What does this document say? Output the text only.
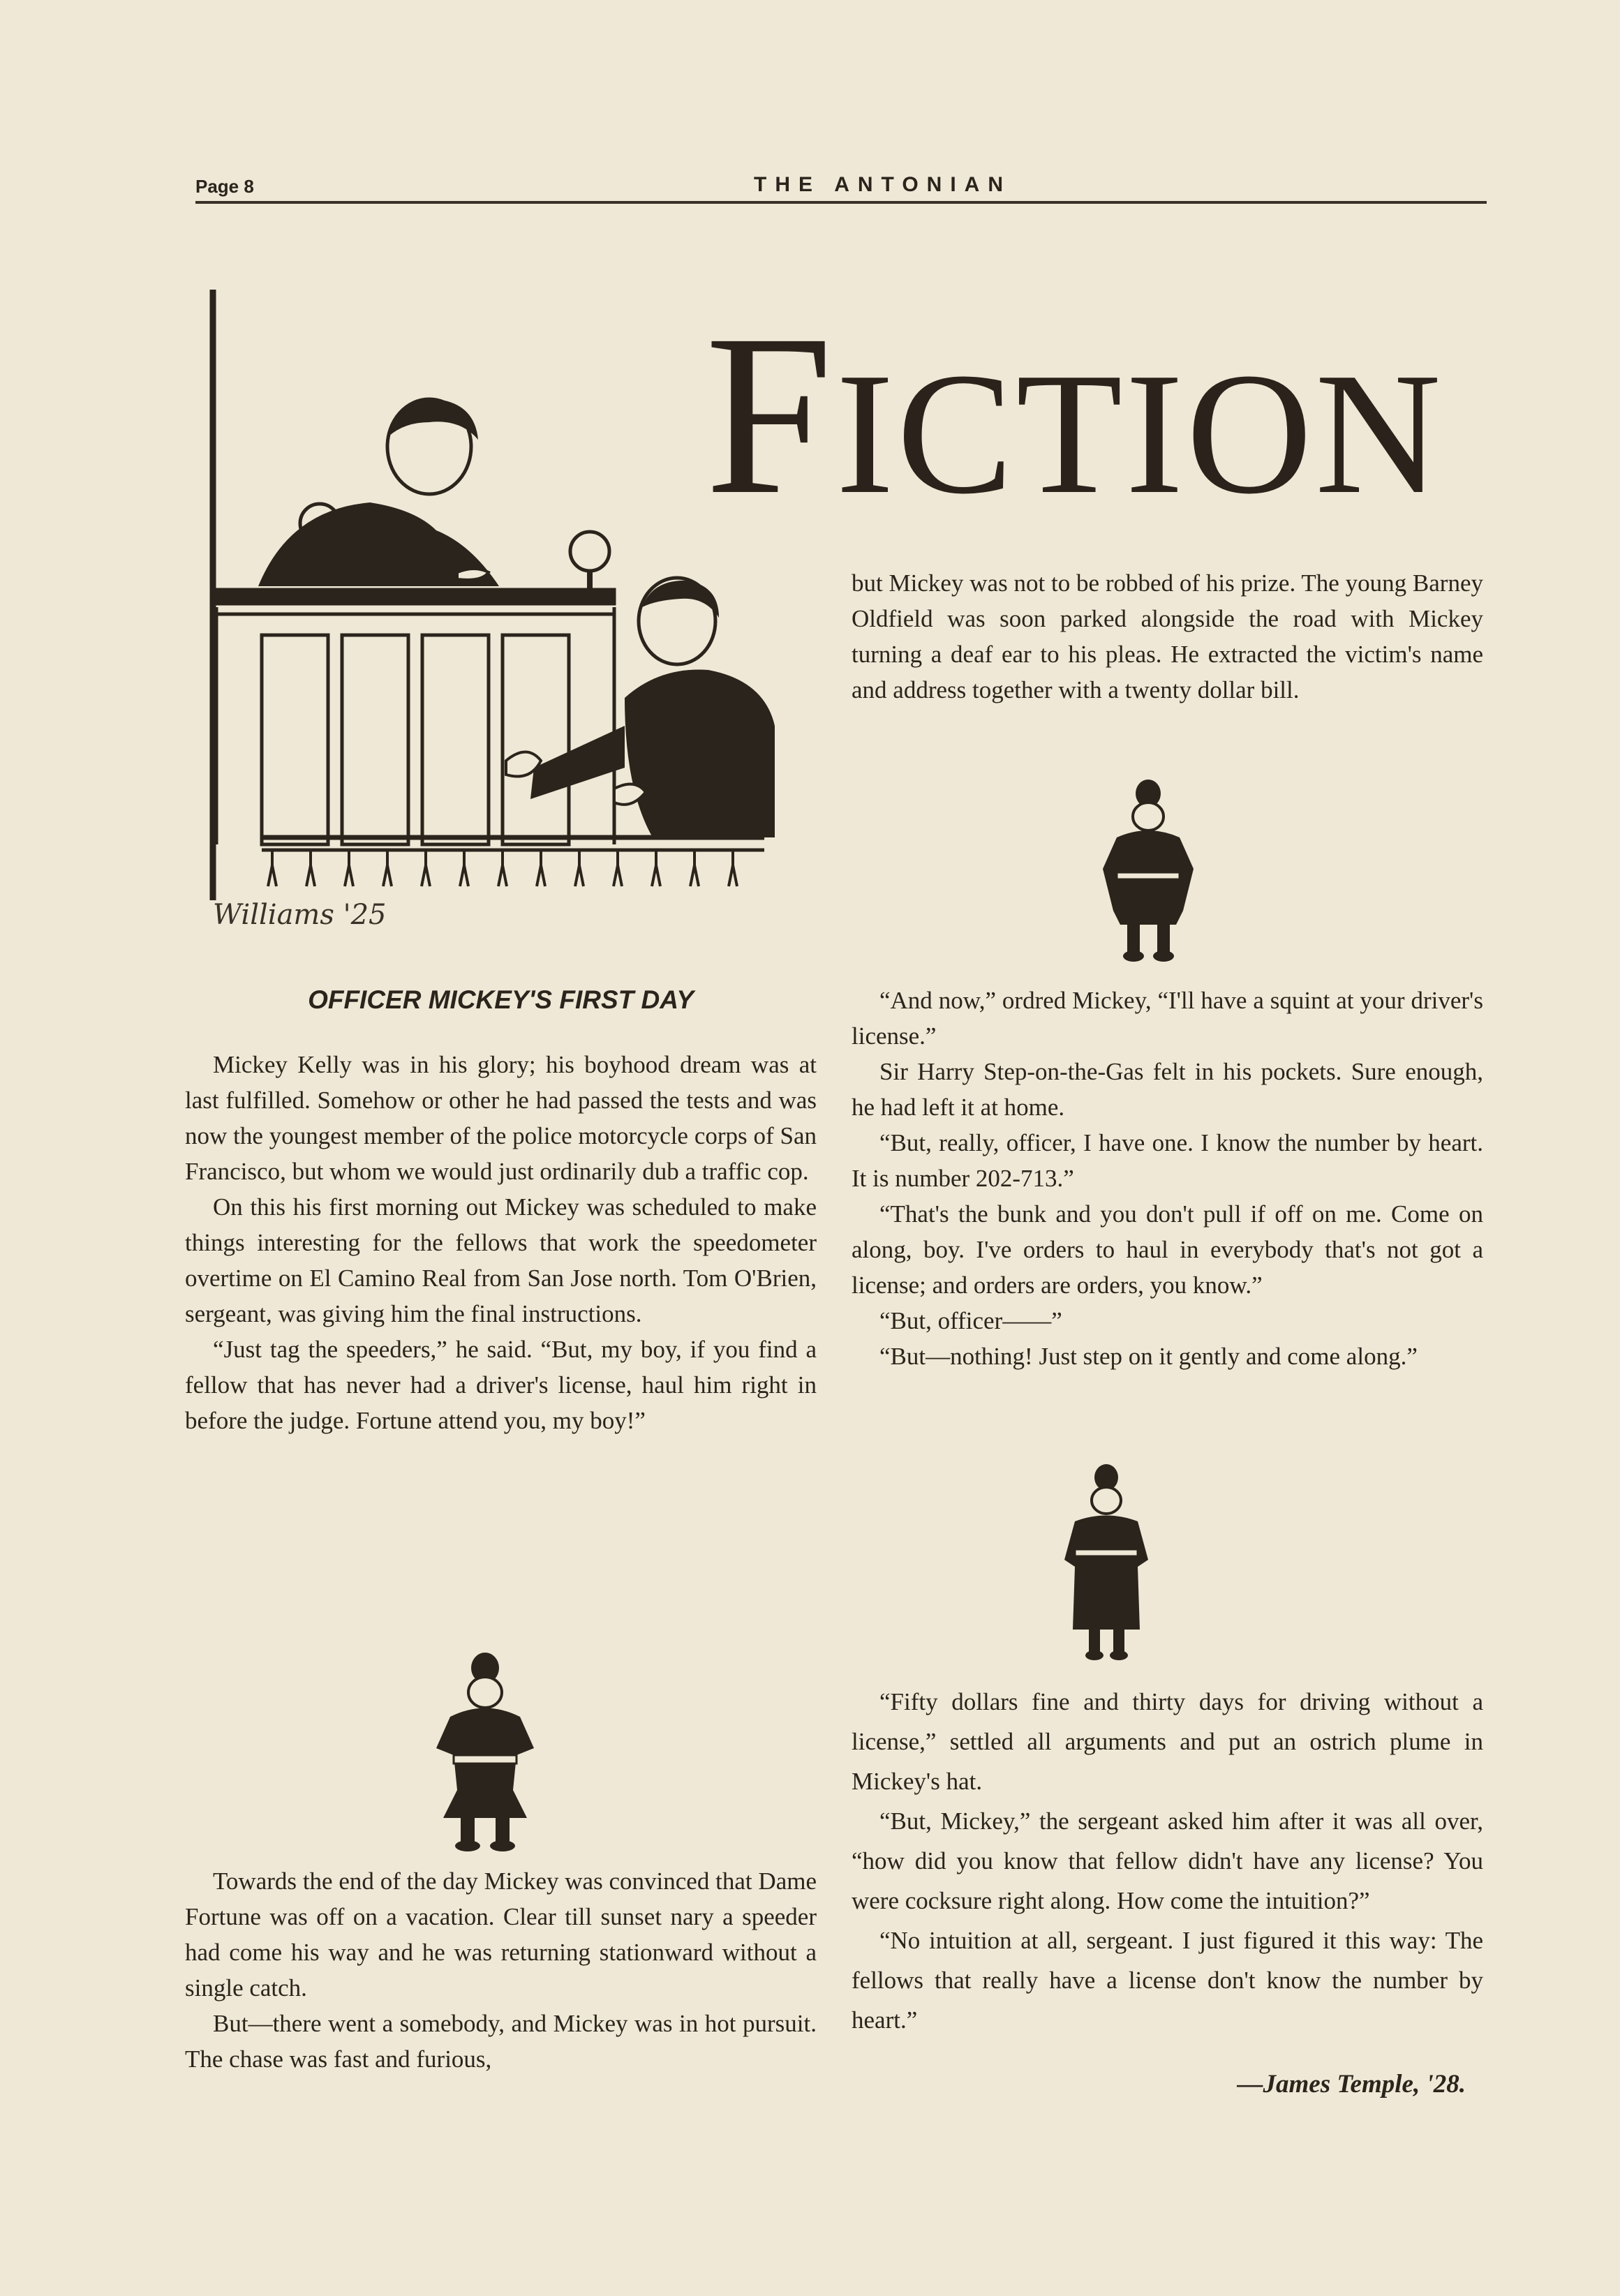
Page 8	THE ANTONIAN
Williams '25
FICTION
OFFICER MICKEY'S FIRST DAY

Mickey Kelly was in his glory; his boyhood dream was at last fulfilled. Somehow or other he had passed the tests and was now the youngest member of the police motorcycle corps of San Francisco, but whom we would just ordinarily dub a traffic cop.

On this his first morning out Mickey was scheduled to make things interesting for the fellows that work the speedometer overtime on El Camino Real from San Jose north. Tom O'Brien, sergeant, was giving him the final instructions.

“Just tag the speeders,” he said. “But, my boy, if you find a fellow that has never had a driver's license, haul him right in before the judge. Fortune attend you, my boy!”

Towards the end of the day Mickey was convinced that Dame Fortune was off on a vacation. Clear till sunset nary a speeder had come his way and he was returning stationward without a single catch.

But—there went a somebody, and Mickey was in hot pursuit. The chase was fast and furious,

but Mickey was not to be robbed of his prize. The young Barney Oldfield was soon parked alongside the road with Mickey turning a deaf ear to his pleas. He extracted the victim's name and address together with a twenty dollar bill.

“And now,” ordred Mickey, “I'll have a squint at your driver's license.”

Sir Harry Step-on-the-Gas felt in his pockets. Sure enough, he had left it at home.

“But, really, officer, I have one. I know the number by heart. It is number 202-713.”

“That's the bunk and you don't pull if off on me. Come on along, boy. I've orders to haul in everybody that's not got a license; and orders are orders, you know.”

“But, officer——”

“But—nothing! Just step on it gently and come along.”

“Fifty dollars fine and thirty days for driving without a license,” settled all arguments and put an ostrich plume in Mickey's hat.

“But, Mickey,” the sergeant asked him after it was all over, “how did you know that fellow didn't have any license? You were cocksure right along. How come the intuition?”

“No intuition at all, sergeant. I just figured it this way: The fellows that really have a license don't know the number by heart.”

—James Temple, '28.
